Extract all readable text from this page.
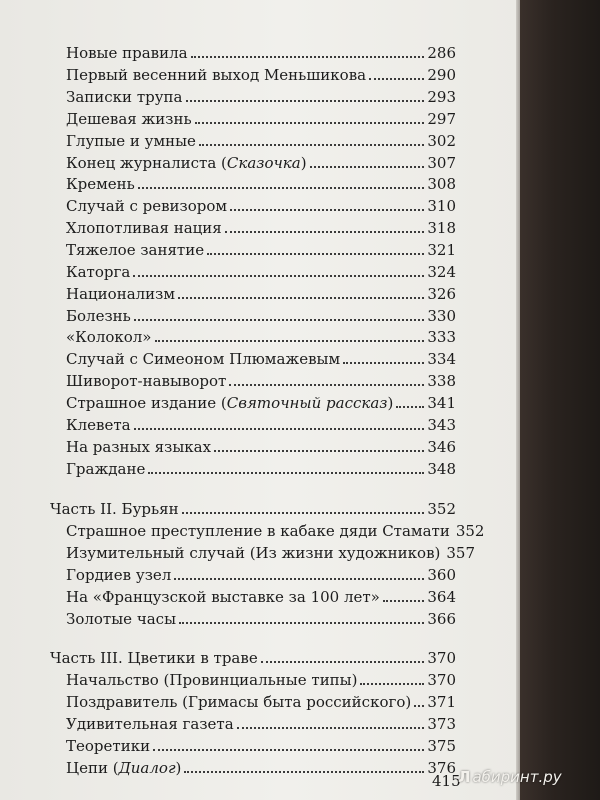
Новые правила	286
Первый весенний выход Меньшикова	290
Записки трупа	293
Дешевая жизнь	297
Глупые и умные	302
Конец журналиста (Сказочка)	307
Кремень	308
Случай с ревизором	310
Хлопотливая нация	318
Тяжелое занятие	321
Каторга	324
Национализм	326
Болезнь	330
«Колокол»	333
Случай с Симеоном Плюмажевым	334
Шиворот-навыворот	338
Страшное издание (Святочный рассказ) 341
Клевета	343
На разных языках	346
Граждане	348
Часть II. Бурьян	352
Страшное преступление в кабаке дяди Стамати 352
Изумительный случай (Из жизни художников) 357
Гордиев узел	360
На «Французской выставке за 100 лет»	364
Золотые часы	366
Часть III. Цветики в траве	370
Начальство (Провинциальные типы)	370
Поздравитель (Гримасы быта российского) 371
Удивительная газета	373
Теоретики	375
Цепи (Диалог)	376
415
Л абиринт.ру
